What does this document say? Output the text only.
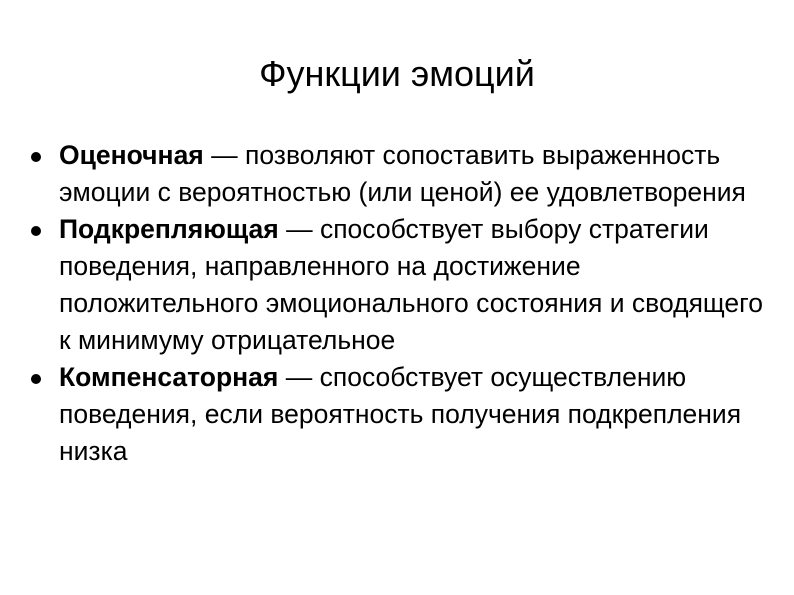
Функции эмоций
Оценочная — позволяют сопоставить выраженность эмоции с вероятностью (или ценой) ее удовлетворения
Подкрепляющая — способствует выбору стратегии поведения, направленного на достижение положительного эмоционального состояния и сводящего к минимуму отрицательное
Компенсаторная — способствует осуществлению поведения, если вероятность получения подкрепления низка
